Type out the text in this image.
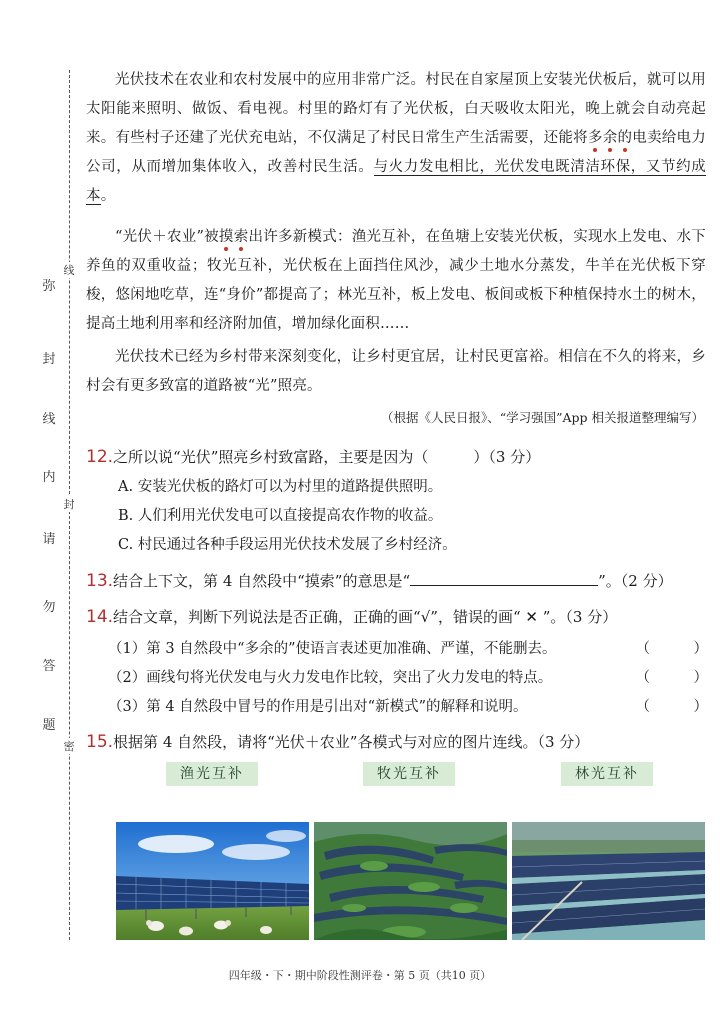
弥
封
线
内
请
勿
答
题
线
封
密
光伏技术在农业和农村发展中的应用非常广泛。村民在自家屋顶上安装光伏板后，就可以用太阳能来照明、做饭、看电视。村里的路灯有了光伏板，白天吸收太阳光，晚上就会自动亮起来。有些村子还建了光伏充电站，不仅满足了村民日常生产生活需要，还能将多
余
的
电卖给电力公司，从而增加集体收入，改善村民生活。与火力发电相比，光伏发电既清洁环保，又节约成本。
“光伏＋农业”被摸
索
出许多新模式：渔光互补，在鱼塘上安装光伏板，实现水上发电、水下养鱼的双重收益；牧光互补，光伏板在上面挡住风沙，减少土地水分蒸发，牛羊在光伏板下穿梭，悠闲地吃草，连“身价”都提高了；林光互补，板上发电、板间或板下种植保持水土的树木，提高土地利用率和经济附加值，增加绿化面积……
光伏技术已经为乡村带来深刻变化，让乡村更宜居，让村民更富裕。相信在不久的将来，乡村会有更多致富的道路被“光”照亮。
（根据《人民日报》、“学习强国”App 相关报道整理编写）
12.之所以说“光伏”照亮乡村致富路，主要是因为（　　　）（3 分）
A. 安装光伏板的路灯可以为村里的道路提供照明。
B. 人们利用光伏发电可以直接提高农作物的收益。
C. 村民通过各种手段运用光伏技术发展了乡村经济。
13.结合上下文，第 4 自然段中“摸索”的意思是“	”。（2 分）
14.结合文章，判断下列说法是否正确，正确的画“√”，错误的画“ ✕ ”。（3 分）
（1）第 3 自然段中“多余的”使语言表述更加准确、严谨，不能删去。	（　　　）
（2）画线句将光伏发电与火力发电作比较，突出了火力发电的特点。	（　　　）
（3）第 4 自然段中冒号的作用是引出对“新模式”的解释和说明。	（　　　）
15.根据第 4 自然段，请将“光伏＋农业”各模式与对应的图片连线。（3 分）
渔光互补	牧光互补	林光互补
四年级・下・期中阶段性测评卷・第 5 页（共10 页）
